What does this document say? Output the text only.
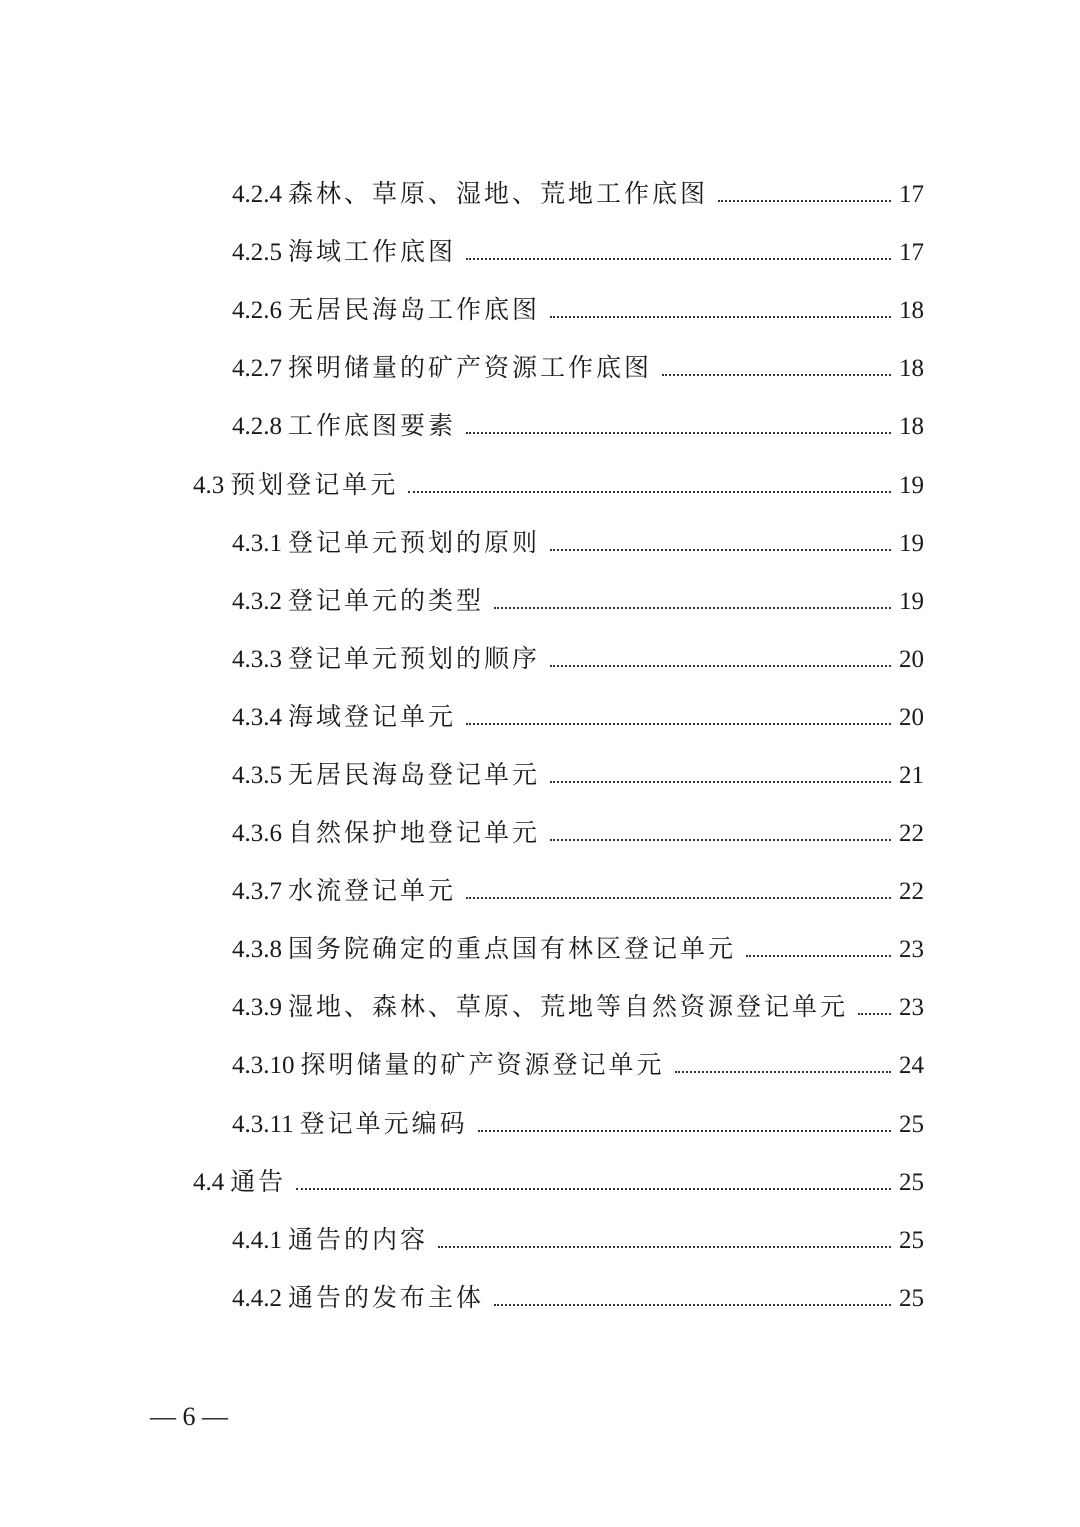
4.2.4 森林、草原、湿地、荒地工作底图	17
4.2.5 海域工作底图	17
4.2.6 无居民海岛工作底图	18
4.2.7 探明储量的矿产资源工作底图	18
4.2.8 工作底图要素	18
4.3 预划登记单元	19
4.3.1 登记单元预划的原则	19
4.3.2 登记单元的类型	19
4.3.3 登记单元预划的顺序	20
4.3.4 海域登记单元	20
4.3.5 无居民海岛登记单元	21
4.3.6 自然保护地登记单元	22
4.3.7 水流登记单元	22
4.3.8 国务院确定的重点国有林区登记单元	23
4.3.9 湿地、森林、草原、荒地等自然资源登记单元 23
4.3.10 探明储量的矿产资源登记单元	24
4.3.11 登记单元编码	25
4.4 通告	25
4.4.1 通告的内容	25
4.4.2 通告的发布主体	25
— 6 —
